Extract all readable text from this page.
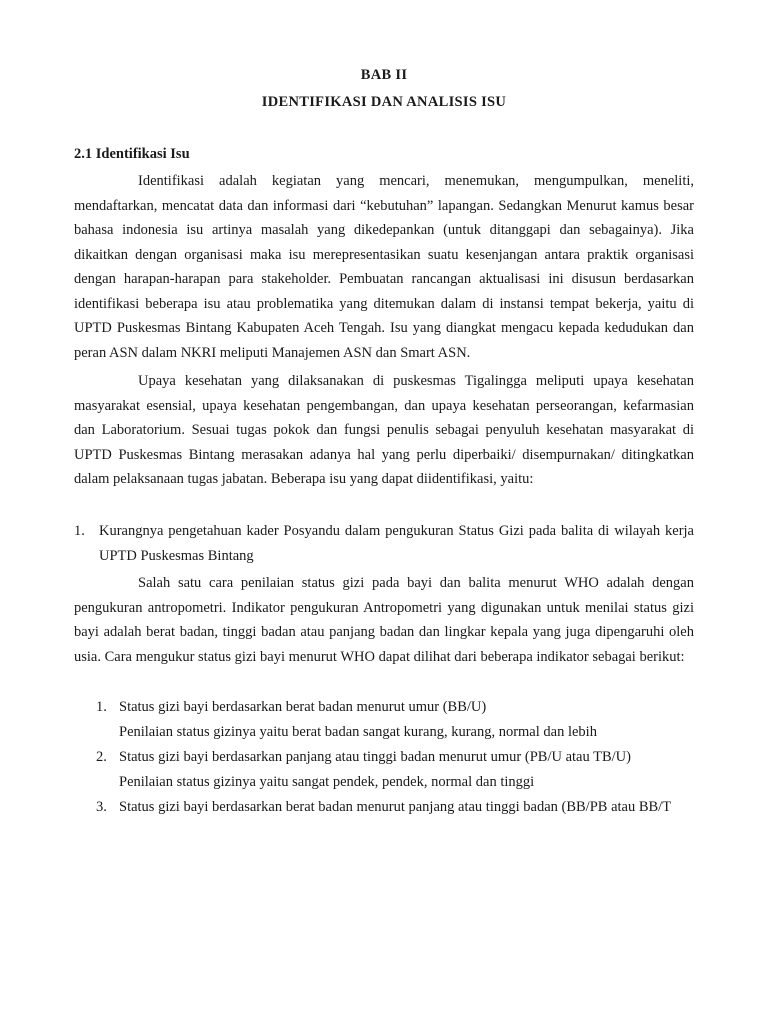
BAB II
IDENTIFIKASI DAN ANALISIS ISU
2.1 Identifikasi Isu

Identifikasi adalah kegiatan yang mencari, menemukan, mengumpulkan, meneliti, mendaftarkan, mencatat data dan informasi dari “kebutuhan” lapangan. Sedangkan Menurut kamus besar bahasa indonesia isu artinya masalah yang dikedepankan (untuk ditanggapi dan sebagainya). Jika dikaitkan dengan organisasi maka isu merepresentasikan suatu kesenjangan antara praktik organisasi dengan harapan-harapan para stakeholder. Pembuatan rancangan aktualisasi ini disusun berdasarkan identifikasi beberapa isu atau problematika yang ditemukan dalam di instansi tempat bekerja, yaitu di UPTD Puskesmas Bintang Kabupaten Aceh Tengah. Isu yang diangkat mengacu kepada kedudukan dan peran ASN dalam NKRI meliputi Manajemen ASN dan Smart ASN.

Upaya kesehatan yang dilaksanakan di puskesmas Tigalingga meliputi upaya kesehatan masyarakat esensial, upaya kesehatan pengembangan, dan upaya kesehatan perseorangan, kefarmasian dan Laboratorium. Sesuai tugas pokok dan fungsi penulis sebagai penyuluh kesehatan masyarakat di UPTD Puskesmas Bintang merasakan adanya hal yang perlu diperbaiki/ disempurnakan/ ditingkatkan dalam pelaksanaan tugas jabatan. Beberapa isu yang dapat diidentifikasi, yaitu:

1. Kurangnya pengetahuan kader Posyandu dalam pengukuran Status Gizi pada balita di wilayah kerja UPTD Puskesmas Bintang

Salah satu cara penilaian status gizi pada bayi dan balita menurut WHO adalah dengan pengukuran antropometri. Indikator pengukuran Antropometri yang digunakan untuk menilai status gizi bayi adalah berat badan, tinggi badan atau panjang badan dan lingkar kepala yang juga dipengaruhi oleh usia. Cara mengukur status gizi bayi menurut WHO dapat dilihat dari beberapa indikator sebagai berikut:

1. Status gizi bayi berdasarkan berat badan menurut umur (BB/U)
Penilaian status gizinya yaitu berat badan sangat kurang, kurang, normal dan lebih
2. Status gizi bayi berdasarkan panjang atau tinggi badan menurut umur (PB/U atau TB/U)
Penilaian status gizinya yaitu sangat pendek, pendek, normal dan tinggi
3. Status gizi bayi berdasarkan berat badan menurut panjang atau tinggi badan (BB/PB atau BB/T
